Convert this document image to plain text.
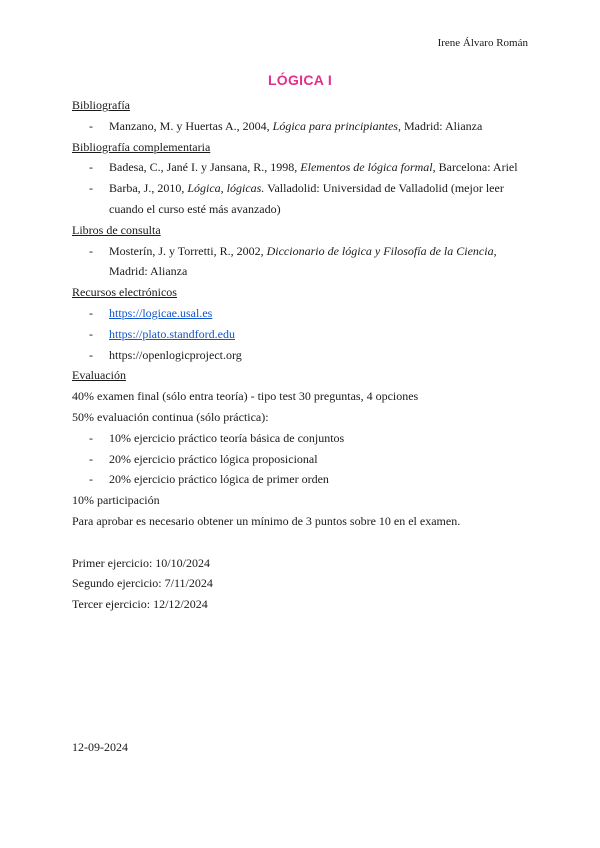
Irene Álvaro Román
LÓGICA I
Bibliografía
- Manzano, M. y Huertas A., 2004, Lógica para principiantes, Madrid: Alianza
Bibliografía complementaria
- Badesa, C., Jané I. y Jansana, R., 1998, Elementos de lógica formal, Barcelona: Ariel
- Barba, J., 2010, Lógica, lógicas. Valladolid: Universidad de Valladolid (mejor leer
cuando el curso esté más avanzado)
Libros de consulta
- Mosterín, J. y Torretti, R., 2002, Diccionario de lógica y Filosofía de la Ciencia,
Madrid: Alianza
Recursos electrónicos
- https://logicae.usal.es
- https://plato.standford.edu
- https://openlogicproject.org
Evaluación
40% examen final (sólo entra teoría) - tipo test 30 preguntas, 4 opciones
50% evaluación continua (sólo práctica):
- 10% ejercicio práctico teoría básica de conjuntos
- 20% ejercicio práctico lógica proposicional
- 20% ejercicio práctico lógica de primer orden
10% participación
Para aprobar es necesario obtener un mínimo de 3 puntos sobre 10 en el examen.
Primer ejercicio: 10/10/2024
Segundo ejercicio: 7/11/2024
Tercer ejercicio: 12/12/2024
12-09-2024
